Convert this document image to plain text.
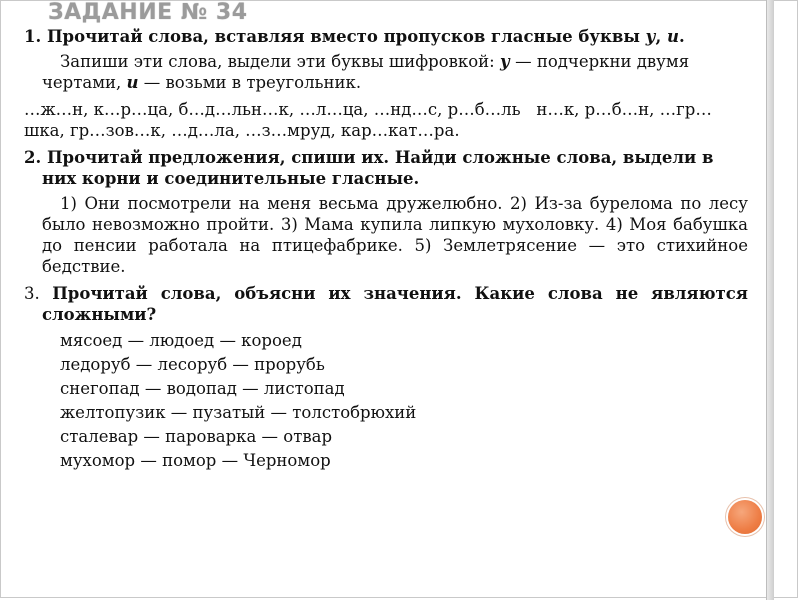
ЗАДАНИЕ № 34

1. Прочитай слова, вставляя вместо пропусков гласные буквы у, и.

Запиши эти слова, выдели эти буквы шифровкой: у — подчеркни двумя чертами, и — возьми в треугольник.

…ж…н, к…р…ца, б…д…льн…к, …л…ца, …нд…с, р…б…ль   н…к, р…б…н, …гр…шка, гр…зов…к, …д…ла, …з…мруд, кар…кат…ра.

2. Прочитай предложения, спиши их. Найди сложные слова, выдели в них корни и соединительные гласные.

1) Они посмотрели на меня весьма дружелюбно. 2) Из-за бурелома по лесу было невозможно пройти. 3) Мама купила липкую мухоловку. 4) Моя бабушка до пенсии работала на птицефабрике. 5) Землетрясение — это стихийное бедствие.

3. Прочитай слова, объясни их значения. Какие слова не являются сложными?

мясоед — людоед — короед
ледоруб — лесоруб — прорубь
снегопад — водопад — листопад
желтопузик — пузатый — толстобрюхий
сталевар — пароварка — отвар
мухомор — помор — Черномор
